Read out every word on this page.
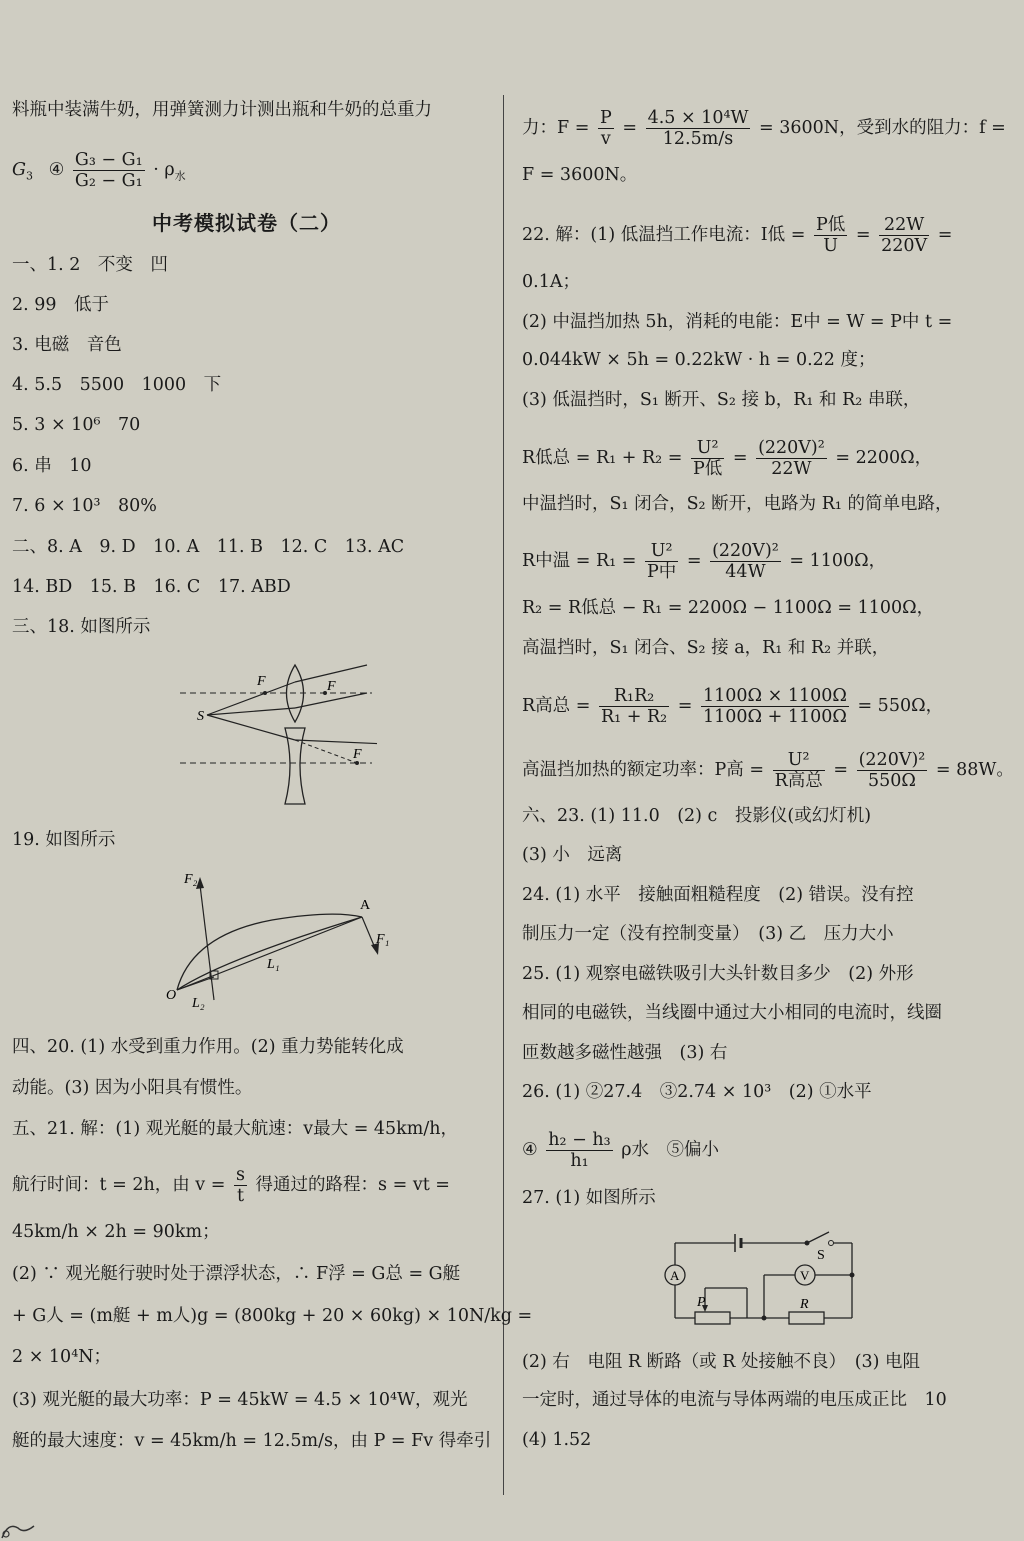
料瓶中装满牛奶，用弹簧测力计测出瓶和牛奶的总重力
$G_3$ ④ $\frac{\text{G₃ − G₁}}{\text{G₂ − G₁}} \cdot \rho_水$
中考模拟试卷（二）
一、1. 2　不变　凹
2. 99　低于
3. 电磁　音色
4. 5.5　5500　1000　下
5. 3 × 10⁶　70
6. 串　10
7. 6 × 10³　80%
二、8. A　9. D　10. A　11. B　12. C　13. AC
14. BD　15. B　16. C　17. ABD
三、18. 如图所示
F	F
F
S
19. 如图所示
F₂
A
F₁
L₁
O
L₂
四、20. (1) 水受到重力作用。(2) 重力势能转化成
动能。(3) 因为小阳具有惯性。
五、21. 解：(1) 观光艇的最大航速：v最大 = 45km/h，
航行时间：t = 2h，由 $v = \frac{s}{t}$ 得通过的路程：s = vt =
45km/h × 2h = 90km；
(2) ∵ 观光艇行驶时处于漂浮状态，∴ F浮 = G总 = G艇
+ G人 = (m艇 + m人)g = (800kg + 20 × 60kg) × 10N/kg =
2 × 10⁴N；
(3) 观光艇的最大功率：P = 45kW = 4.5 × 10⁴W，观光
艇的最大速度：v = 45km/h = 12.5m/s，由 P = Fv 得牵引
力：$F = \frac{P}{v} = \frac{\text{4.5 × 10⁴W}}{12.5m/s} = 3600N$，受到水的阻力：f =
F = 3600N。
22. 解：(1) 低温挡工作电流：I低 = $\frac{\text{P低}}{U} = \frac{22W}{220V}$ =
0.1A；
(2) 中温挡加热 5h，消耗的电能：E中 = W = P中 t =
0.044kW × 5h = 0.22kW · h = 0.22 度；
(3) 低温挡时，S₁ 断开、S₂ 接 b，R₁ 和 R₂ 串联，
R低总 = $R_1 + R_2 = \frac{\text{U²}}{\text{P低}} = \frac{\text{(220V)²}}{22W} = 2200\Omega$，
中温挡时，S₁ 闭合，S₂ 断开，电路为 R₁ 的简单电路，
R中温 = $R_1 = \frac{\text{U²}}{\text{P中}} = \frac{\text{(220V)²}}{44W} = 1100\Omega$，
R₂ = R低总 − R₁ = 2200Ω − 1100Ω = 1100Ω，
高温挡时，S₁ 闭合、S₂ 接 a，R₁ 和 R₂ 并联，
R高总 = $\frac{\text{R₁R₂}}{\text{R₁ + R₂}} = \frac{1100\Omega \times 1100\Omega}{1100\Omega + 1100\Omega} = 550\Omega$，
高温挡加热的额定功率：P高 = $\frac{\text{U²}}{\text{R高总}} = \frac{\text{(220V)²}}{550\Omega} = 88W$。
六、23. (1) 11.0　(2) c　投影仪(或幻灯机)
(3) 小　远离
24. (1) 水平　接触面粗糙程度　(2) 错误。没有控
制压力一定（没有控制变量）　(3) 乙　压力大小
25. (1) 观察电磁铁吸引大头针数目多少　(2) 外形
相同的电磁铁，当线圈中通过大小相同的电流时，线圈
匝数越多磁性越强　(3) 右
26. (1) ②27.4　③2.74 × 10³　(2) ①水平
④ $\frac{\text{h₂ − h₃}}{\text{h₁}}$ ρ水　⑤偏小
27. (1) 如图所示
A	V
S
P	R
(2) 右　电阻 R 断路（或 R 处接触不良）　(3) 电阻
一定时，通过导体的电流与导体两端的电压成正比　10
(4) 1.52
